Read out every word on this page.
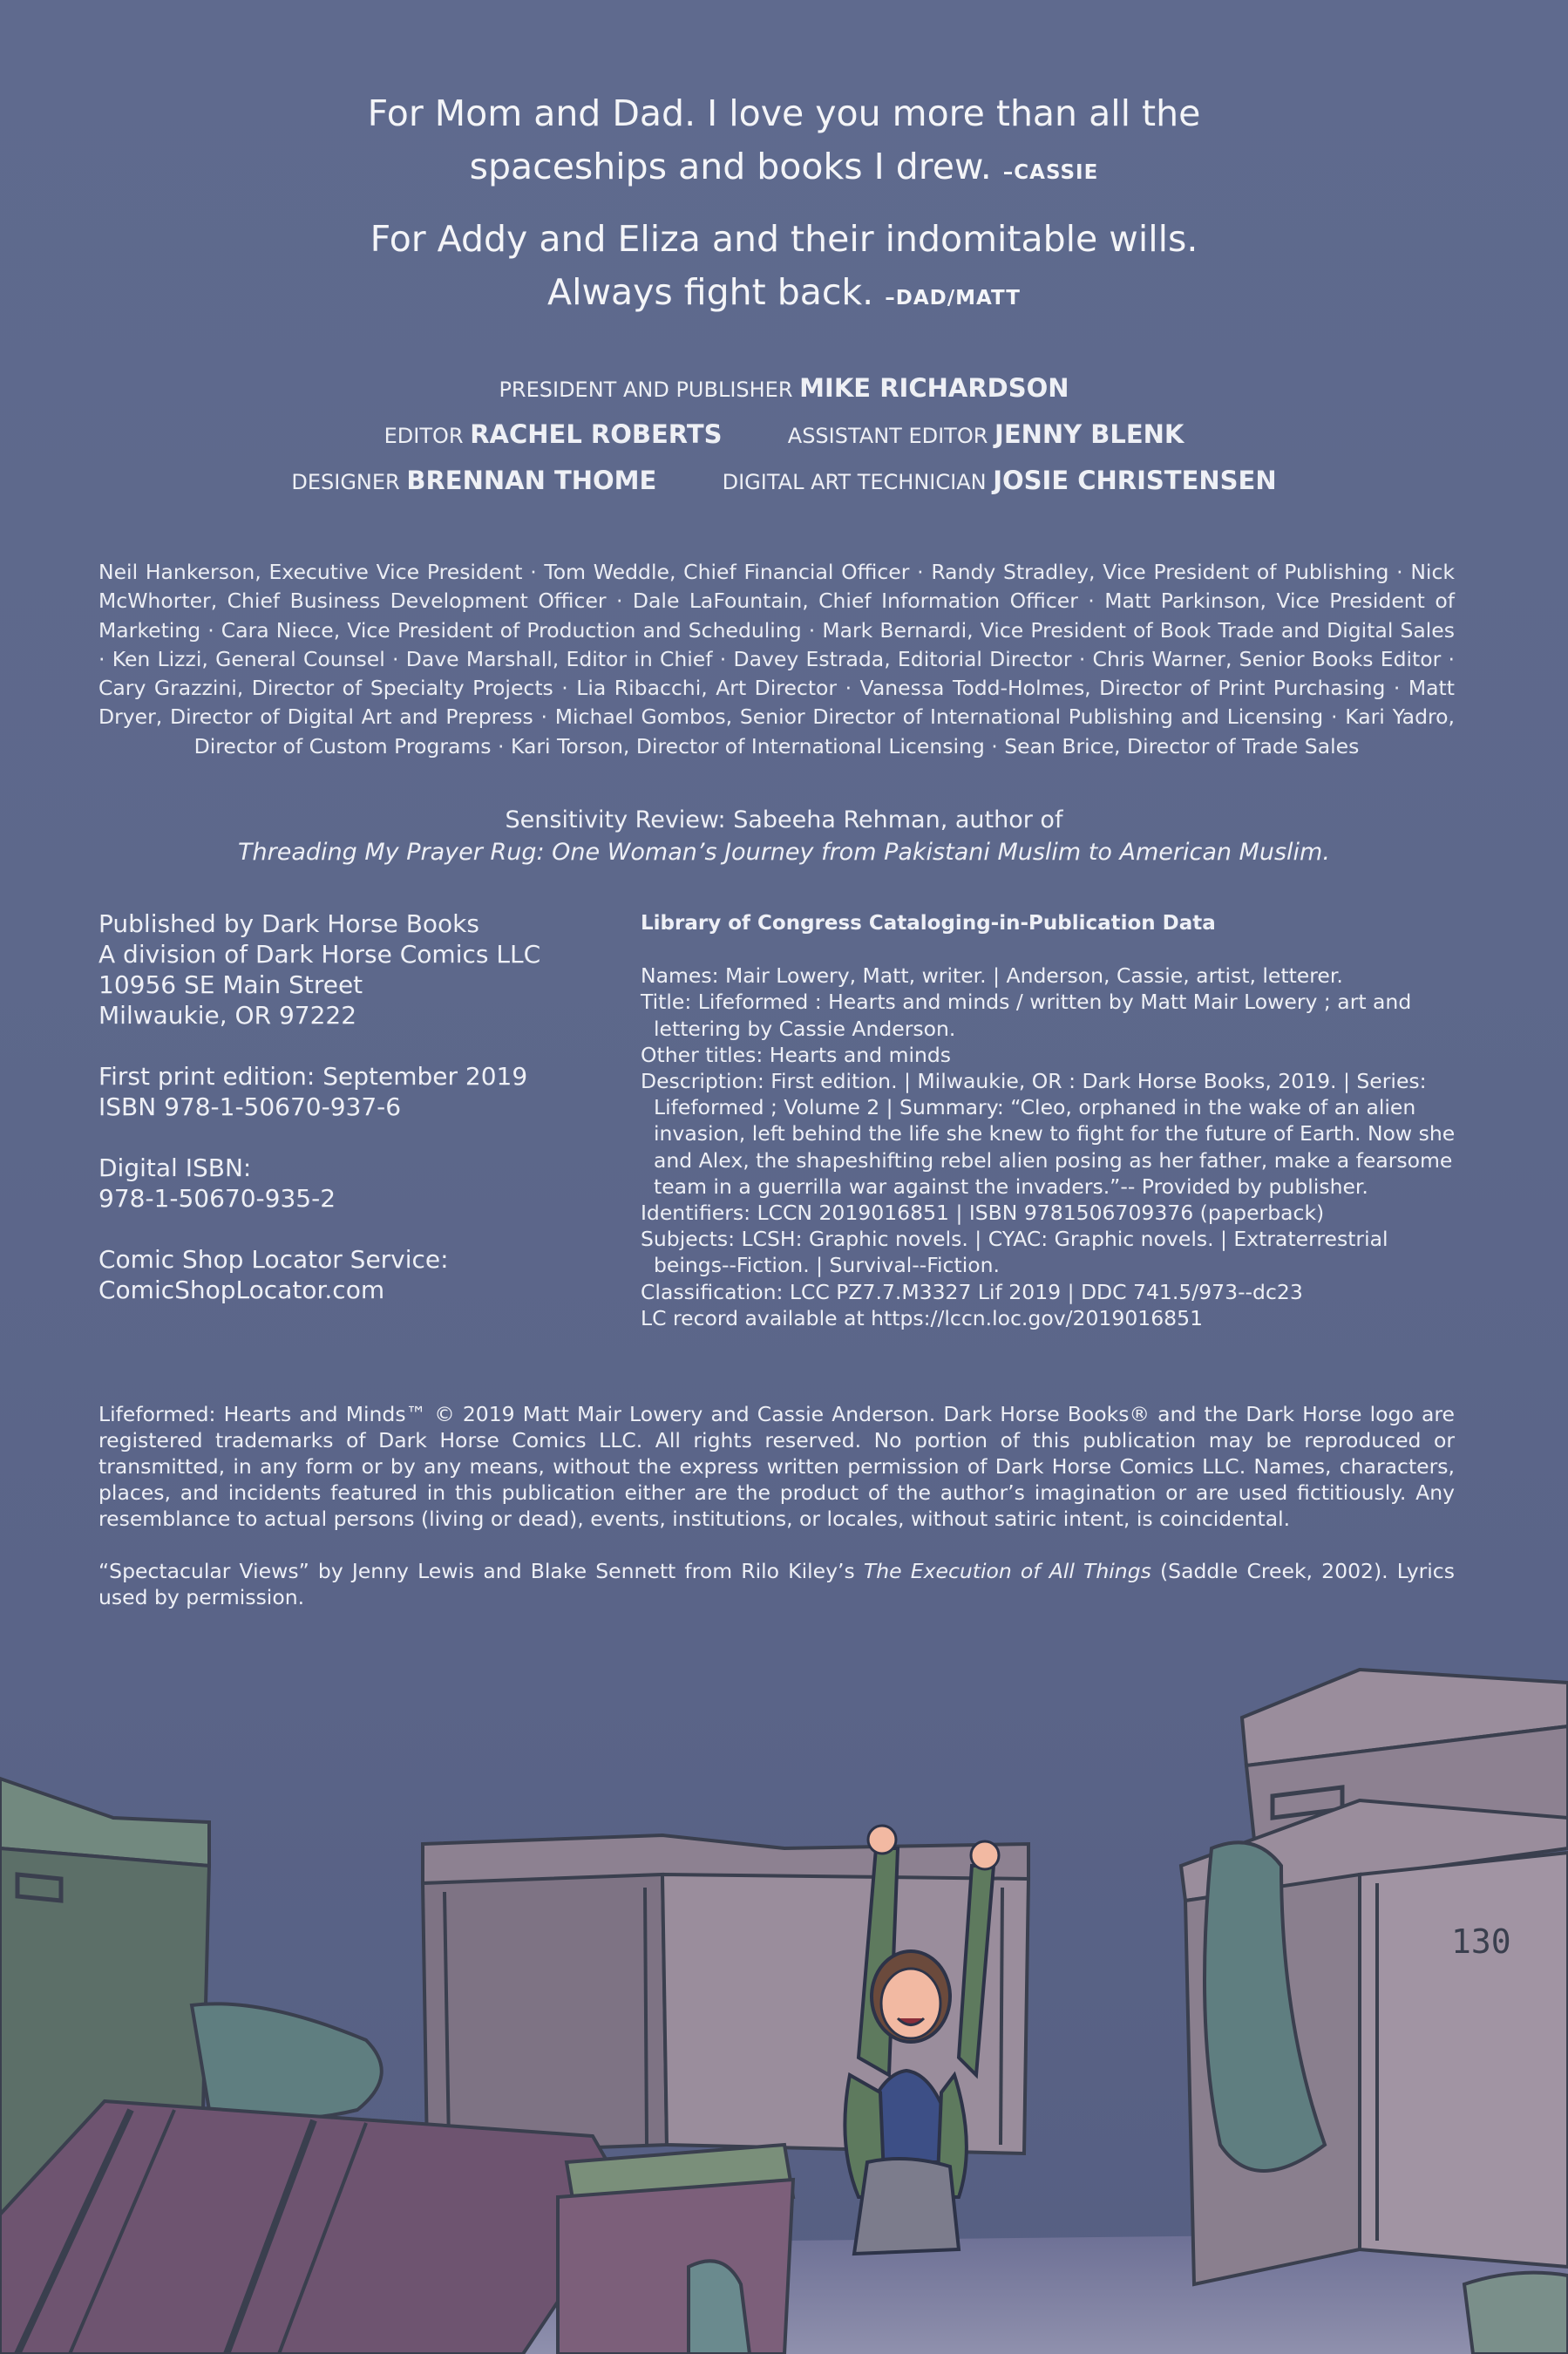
For Mom and Dad. I love you more than all the
spaceships and books I drew. –CASSIE
For Addy and Eliza and their indomitable wills.
Always fight back. –DAD/MATT
PRESIDENT AND PUBLISHER MIKE RICHARDSON
EDITOR RACHEL ROBERTS	ASSISTANT EDITOR JENNY BLENK
DESIGNER BRENNAN THOME	DIGITAL ART TECHNICIAN JOSIE CHRISTENSEN
Neil Hankerson, Executive Vice President · Tom Weddle, Chief Financial Officer · Randy Stradley, Vice President of Publishing · Nick McWhorter, Chief Business Development Officer · Dale LaFountain, Chief Information Officer · Matt Parkinson, Vice President of Marketing · Cara Niece, Vice President of Production and Scheduling · Mark Bernardi, Vice President of Book Trade and Digital Sales · Ken Lizzi, General Counsel · Dave Marshall, Editor in Chief · Davey Estrada, Editorial Director · Chris Warner, Senior Books Editor · Cary Grazzini, Director of Specialty Projects · Lia Ribacchi, Art Director · Vanessa Todd-Holmes, Director of Print Purchasing · Matt Dryer, Director of Digital Art and Prepress · Michael Gombos, Senior Director of International Publishing and Licensing · Kari Yadro, Director of Custom Programs · Kari Torson, Director of International Licensing · Sean Brice, Director of Trade Sales
Sensitivity Review: Sabeeha Rehman, author of
Threading My Prayer Rug: One Woman’s Journey from Pakistani Muslim to American Muslim.
Published by Dark Horse Books
A division of Dark Horse Comics LLC
10956 SE Main Street
Milwaukie, OR 97222
First print edition: September 2019
ISBN 978-1-50670-937-6
Digital ISBN:
978-1-50670-935-2
Comic Shop Locator Service:
ComicShopLocator.com
Library of Congress Cataloging-in-Publication Data
Names: Mair Lowery, Matt, writer. | Anderson, Cassie, artist, letterer.
Title: Lifeformed : Hearts and minds / written by Matt Mair Lowery ; art and lettering by Cassie Anderson.
Other titles: Hearts and minds
Description: First edition. | Milwaukie, OR : Dark Horse Books, 2019. | Series: Lifeformed ; Volume 2 | Summary: “Cleo, orphaned in the wake of an alien invasion, left behind the life she knew to fight for the future of Earth. Now she and Alex, the shapeshifting rebel alien posing as her father, make a fearsome team in a guerrilla war against the invaders.”-- Provided by publisher.
Identifiers: LCCN 2019016851 | ISBN 9781506709376 (paperback)
Subjects: LCSH: Graphic novels. | CYAC: Graphic novels. | Extraterrestrial beings--Fiction. | Survival--Fiction.
Classification: LCC PZ7.7.M3327 Lif 2019 | DDC 741.5/973--dc23
LC record available at https://lccn.loc.gov/2019016851

Lifeformed: Hearts and Minds™ © 2019 Matt Mair Lowery and Cassie Anderson. Dark Horse Books® and the Dark Horse logo are registered trademarks of Dark Horse Comics LLC. All rights reserved. No portion of this publication may be reproduced or transmitted, in any form or by any means, without the express written permission of Dark Horse Comics LLC. Names, characters, places, and incidents featured in this publication either are the product of the author’s imagination or are used fictitiously. Any resemblance to actual persons (living or dead), events, institutions, or locales, without satiric intent, is coincidental.

“Spectacular Views” by Jenny Lewis and Blake Sennett from Rilo Kiley’s The Execution of All Things (Saddle Creek, 2002). Lyrics used by permission.

130
